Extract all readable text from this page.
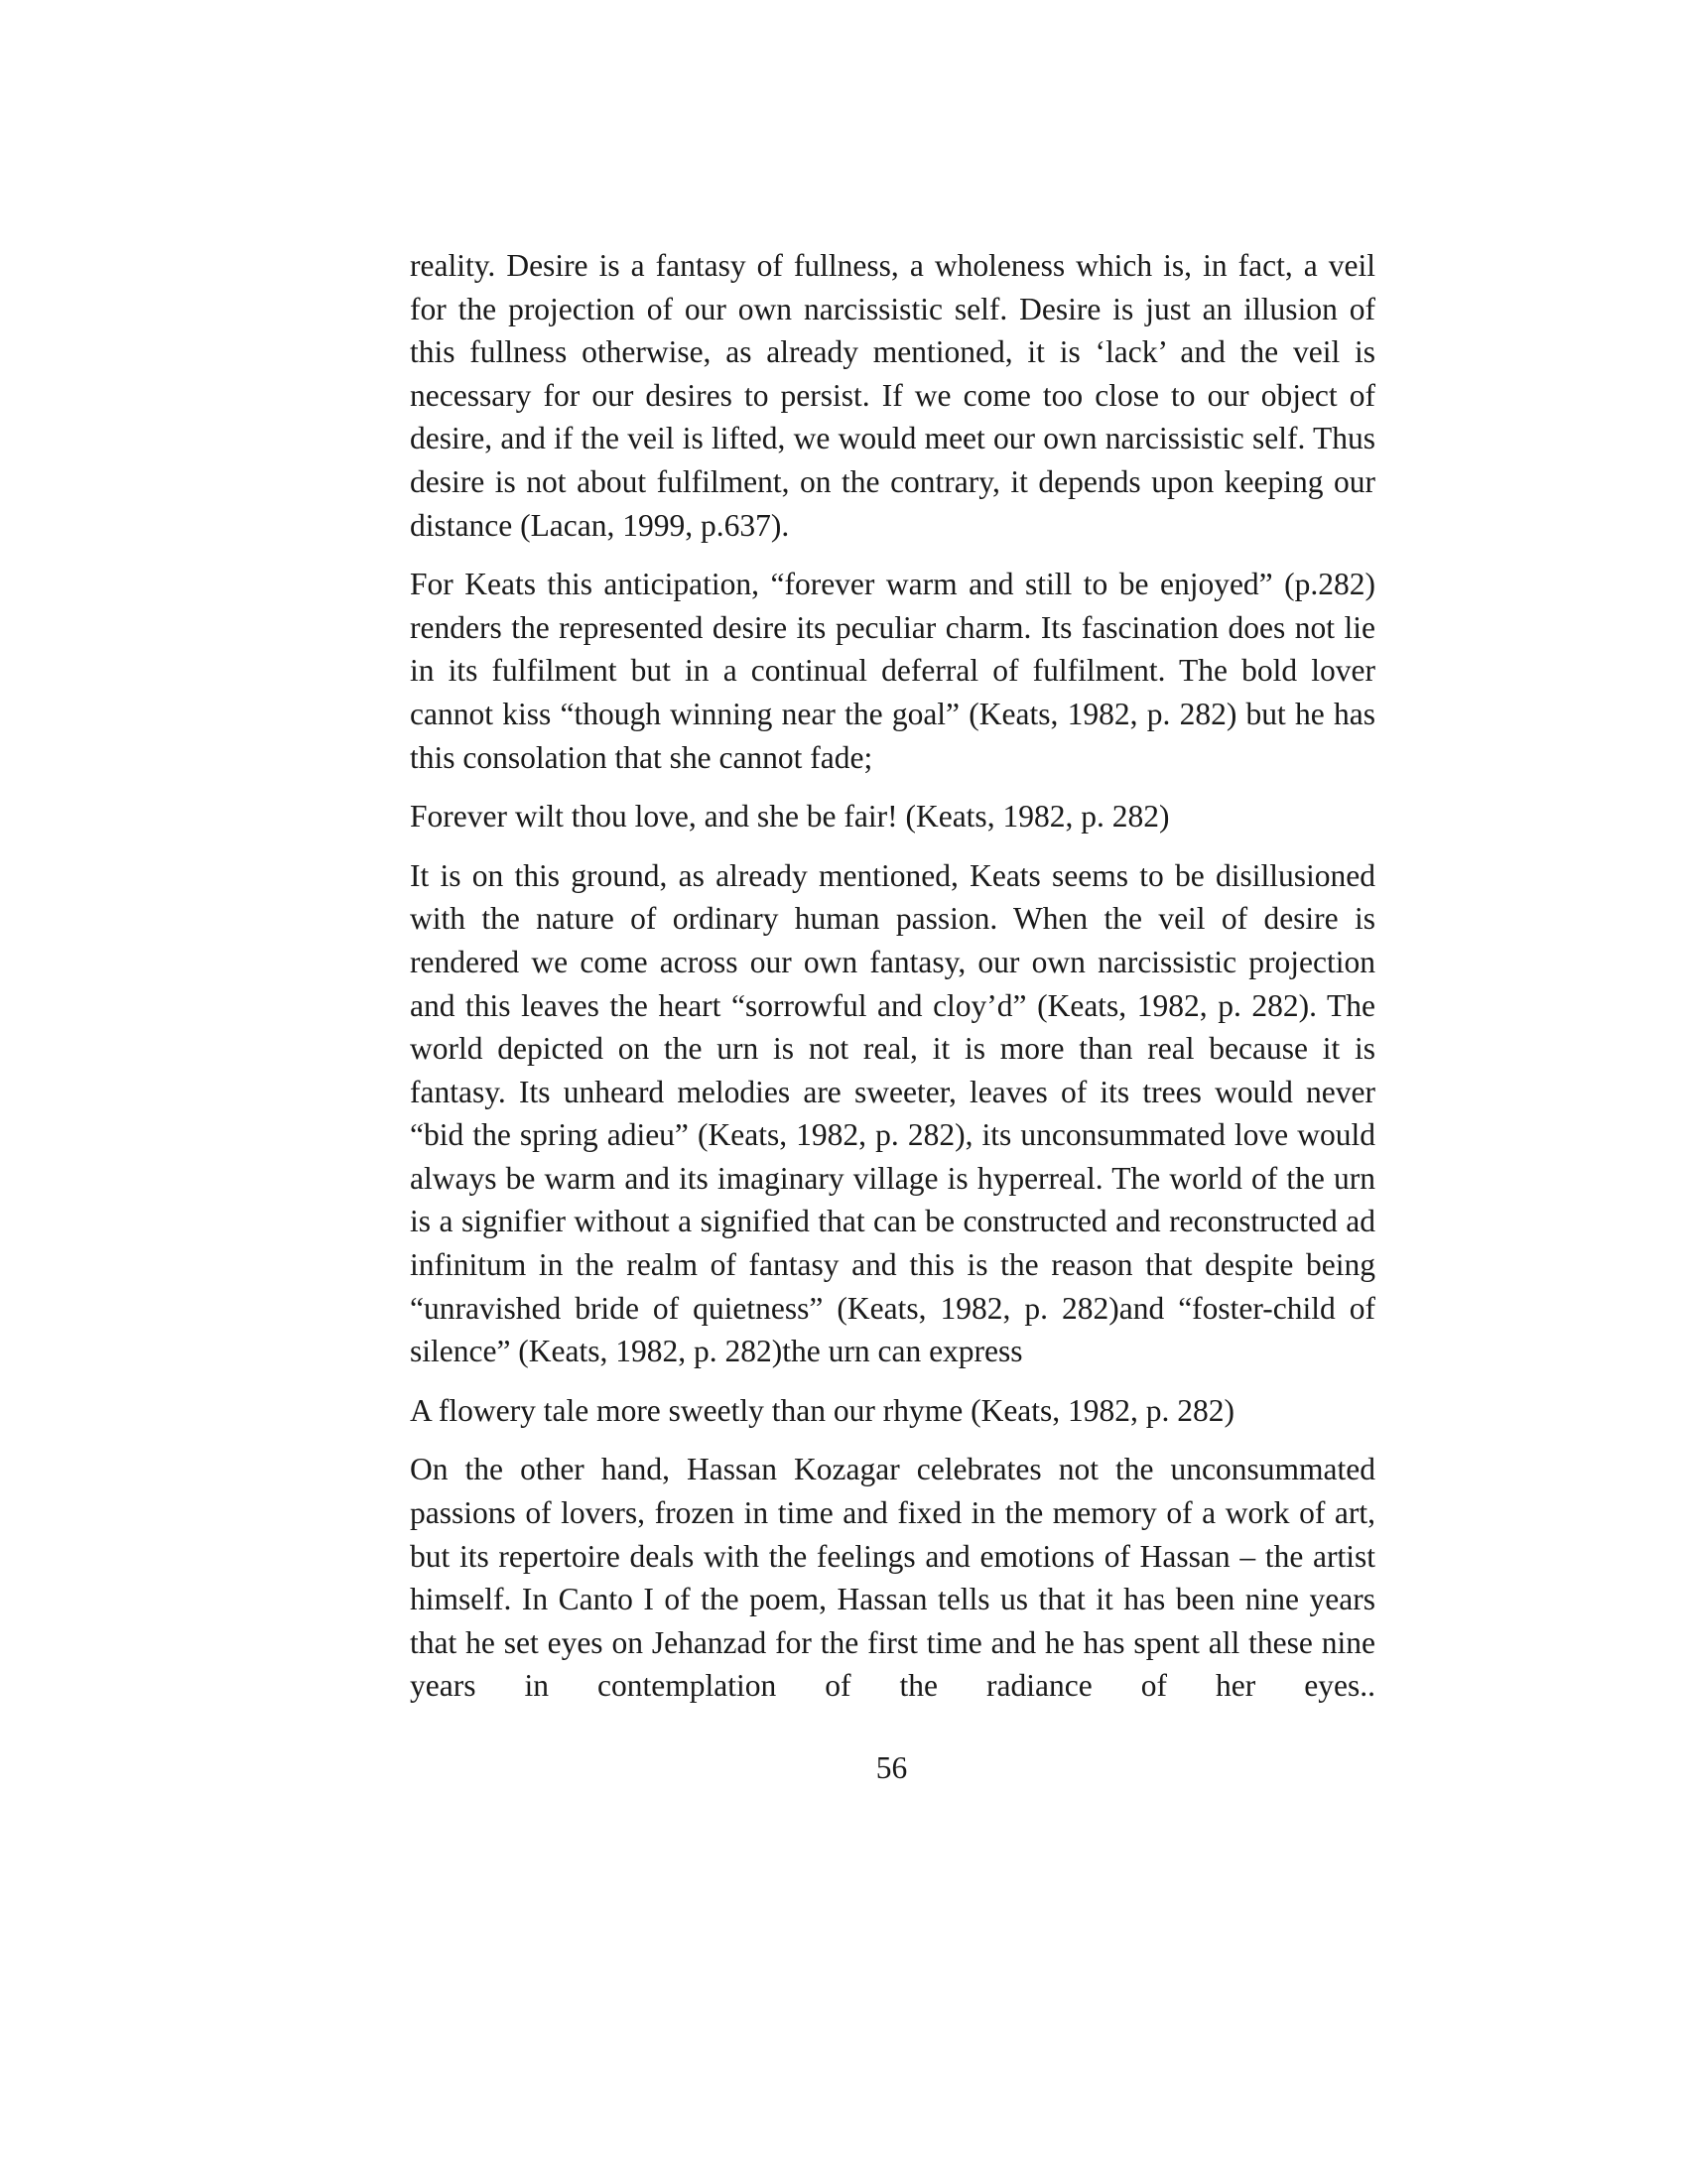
reality. Desire is a fantasy of fullness, a wholeness which is, in fact, a veil for the projection of our own narcissistic self. Desire is just an illusion of this fullness otherwise, as already mentioned, it is ‘lack’ and the veil is necessary for our desires to persist. If we come too close to our object of desire, and if the veil is lifted, we would meet our own narcissistic self. Thus desire is not about fulfilment, on the contrary, it depends upon keeping our distance (Lacan, 1999, p.637).

For Keats this anticipation, “forever warm and still to be enjoyed” (p.282) renders the represented desire its peculiar charm. Its fascination does not lie in its fulfilment but in a continual deferral of fulfilment. The bold lover cannot kiss “though winning near the goal” (Keats, 1982, p. 282) but he has this consolation that she cannot fade;

Forever wilt thou love, and she be fair! (Keats, 1982, p. 282)

It is on this ground, as already mentioned, Keats seems to be disillusioned with the nature of ordinary human passion. When the veil of desire is rendered we come across our own fantasy, our own narcissistic projection and this leaves the heart “sorrowful and cloy’d” (Keats, 1982, p. 282). The world depicted on the urn is not real, it is more than real because it is fantasy. Its unheard melodies are sweeter, leaves of its trees would never “bid the spring adieu” (Keats, 1982, p. 282), its unconsummated love would always be warm and its imaginary village is hyperreal. The world of the urn is a signifier without a signified that can be constructed and reconstructed ad infinitum in the realm of fantasy and this is the reason that despite being “unravished bride of quietness” (Keats, 1982, p. 282)and “foster-child of silence” (Keats, 1982, p. 282)the urn can express

A flowery tale more sweetly than our rhyme (Keats, 1982, p. 282)

On the other hand, Hassan Kozagar celebrates not the unconsummated passions of lovers, frozen in time and fixed in the memory of a work of art, but its repertoire deals with the feelings and emotions of Hassan – the artist himself. In Canto I of the poem, Hassan tells us that it has been nine years that he set eyes on Jehanzad for the first time and he has spent all these nine years in contemplation of the radiance of her eyes..

56
